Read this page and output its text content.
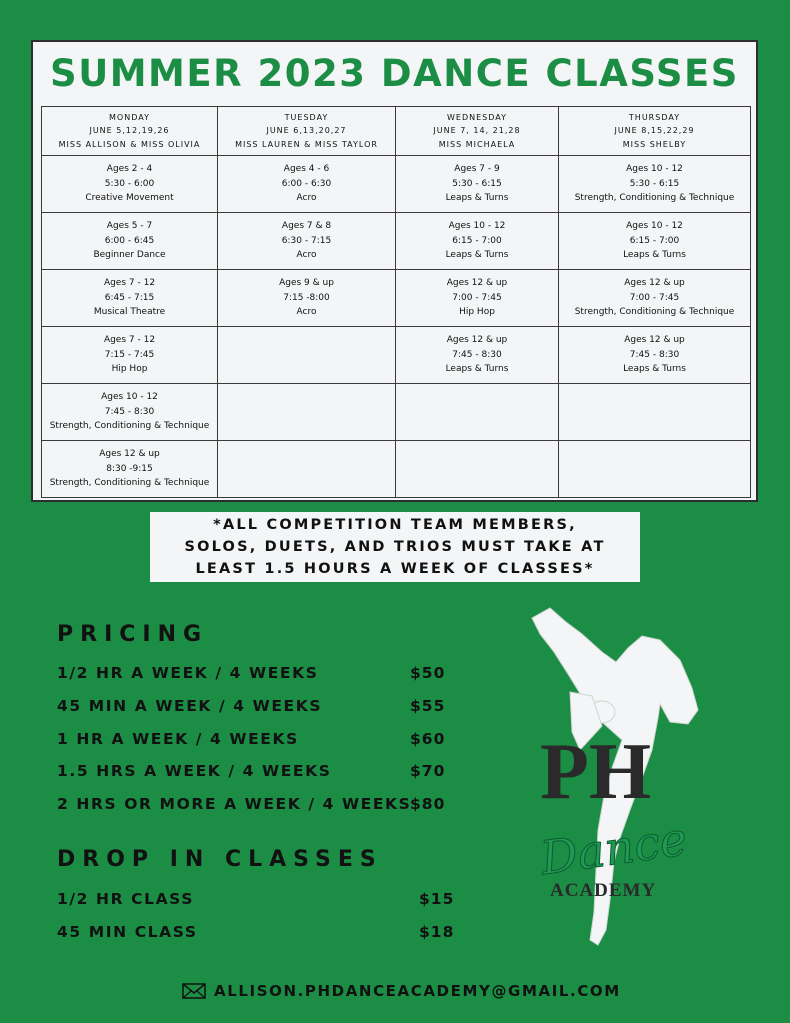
SUMMER 2023 DANCE CLASSES
MONDAY
JUNE 5,12,19,26
MISS ALLISON & MISS OLIVIA	TUESDAY
JUNE 6,13,20,27
MISS LAUREN & MISS TAYLOR	WEDNESDAY
JUNE 7, 14, 21,28
MISS MICHAELA	THURSDAY
JUNE 8,15,22,29
MISS SHELBY

Ages 2 - 4
5:30 - 6:00
Creative Movement	Ages 4 - 6
6:00 - 6:30
Acro	Ages 7 - 9
5:30 - 6:15
Leaps & Turns	Ages 10 - 12
5:30 - 6:15
Strength, Conditioning & Technique

Ages 5 - 7
6:00 - 6:45
Beginner Dance	Ages 7 & 8
6:30 - 7:15
Acro	Ages 10 - 12
6:15 - 7:00
Leaps & Turns	Ages 10 - 12
6:15 - 7:00
Leaps & Turns

Ages 7 - 12
6:45 - 7:15
Musical Theatre	Ages 9 & up
7:15 -8:00
Acro	Ages 12 & up
7:00 - 7:45
Hip Hop	Ages 12 & up
7:00 - 7:45
Strength, Conditioning & Technique

Ages 7 - 12
7:15 - 7:45
Hip Hop		Ages 12 & up
7:45 - 8:30
Leaps & Turns	Ages 12 & up
7:45 - 8:30
Leaps & Turns

Ages 10 - 12
7:45 - 8:30
Strength, Conditioning & Technique			

Ages 12 & up
8:30 -9:15
Strength, Conditioning & Technique			

*ALL COMPETITION TEAM MEMBERS,
SOLOS, DUETS, AND TRIOS MUST TAKE AT
LEAST 1.5 HOURS A WEEK OF CLASSES*
PRICING
1/2 HR A WEEK / 4 WEEKS	$50
45 MIN A WEEK / 4 WEEKS	$55
1 HR A WEEK / 4 WEEKS	$60
1.5 HRS A WEEK / 4 WEEKS	$70
2 HRS OR MORE A WEEK / 4 WEEKS
$80
DROP IN CLASSES
1/2 HR CLASS	$15
45 MIN CLASS	$18
PH
Dance
ACADEMY
ALLISON.PHDANCEACADEMY@GMAIL.COM
